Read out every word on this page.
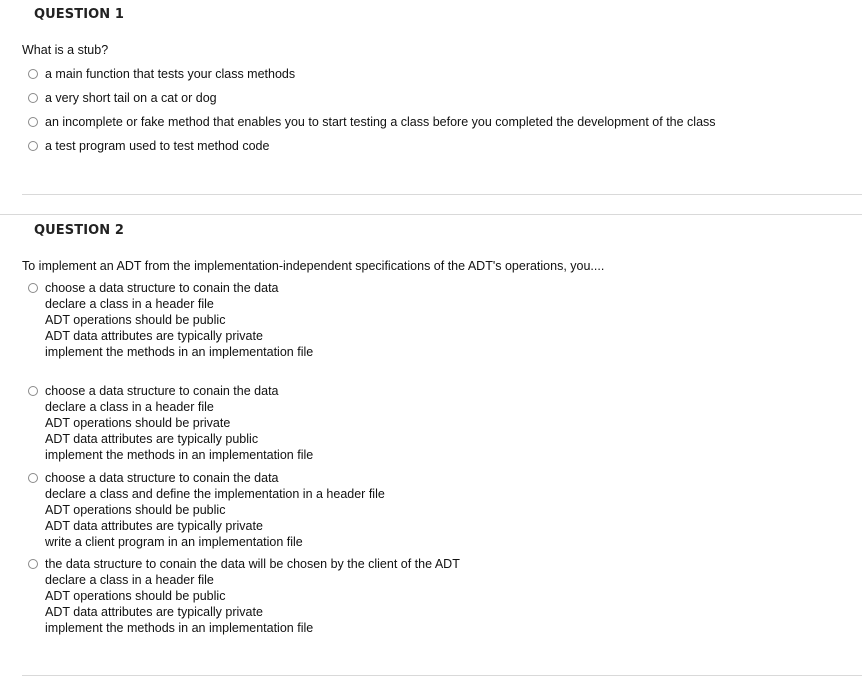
QUESTION 1
What is a stub?
a main function that tests your class methods
a very short tail on a cat or dog
an incomplete or fake method that enables you to start testing a class before you completed the development of the class
a test program used to test method code
QUESTION 2
To implement an ADT from the implementation-independent specifications of the ADT's operations, you....
choose a data structure to conain the data
declare a class in a header file
ADT operations should be public
ADT data attributes are typically private
implement the methods in an implementation file
choose a data structure to conain the data
declare a class in a header file
ADT operations should be private
ADT data attributes are typically public
implement the methods in an implementation file
choose a data structure to conain the data
declare a class and define the implementation in a header file
ADT operations should be public
ADT data attributes are typically private
write a client program in an implementation file
the data structure to conain the data will be chosen by the client of the ADT
declare a class in a header file
ADT operations should be public
ADT data attributes are typically private
implement the methods in an implementation file
